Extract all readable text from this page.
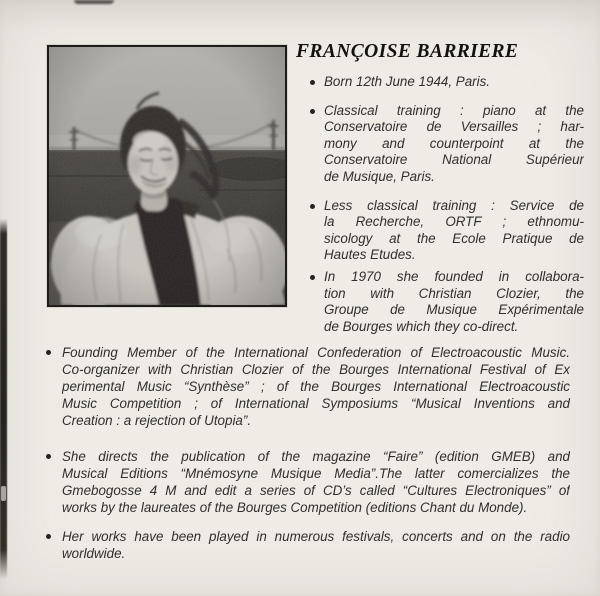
FRANÇOISE BARRIERE
Born 12th June 1944, Paris.
Classical training : piano at the
Conservatoire de Versailles ; har-
mony and counterpoint at the
Conservatoire National Supérieur
de Musique, Paris.
Less classical training : Service de
la Recherche, ORTF ; ethnomu-
sicology at the Ecole Pratique de
Hautes Etudes.
In 1970 she founded in collabora-
tion with Christian Clozier, the
Groupe de Musique Expérimentale
de Bourges which they co-direct.
Founding Member of the International Confederation of Electroacoustic Music.
Co-organizer with Christian Clozier of the Bourges International Festival of Ex
perimental Music “Synthèse” ; of the Bourges International Electroacoustic
Music Competition ; of International Symposiums “Musical Inventions and
Creation : a rejection of Utopia”.
She directs the publication of the magazine “Faire” (edition GMEB) and
Musical Editions “Mnémosyne Musique Media”.The latter comercializes the
Gmebogosse 4 M and edit a series of CD’s called “Cultures Electroniques” of
works by the laureates of the Bourges Competition (editions Chant du Monde).
Her works have been played in numerous festivals, concerts and on the radio
worldwide.
